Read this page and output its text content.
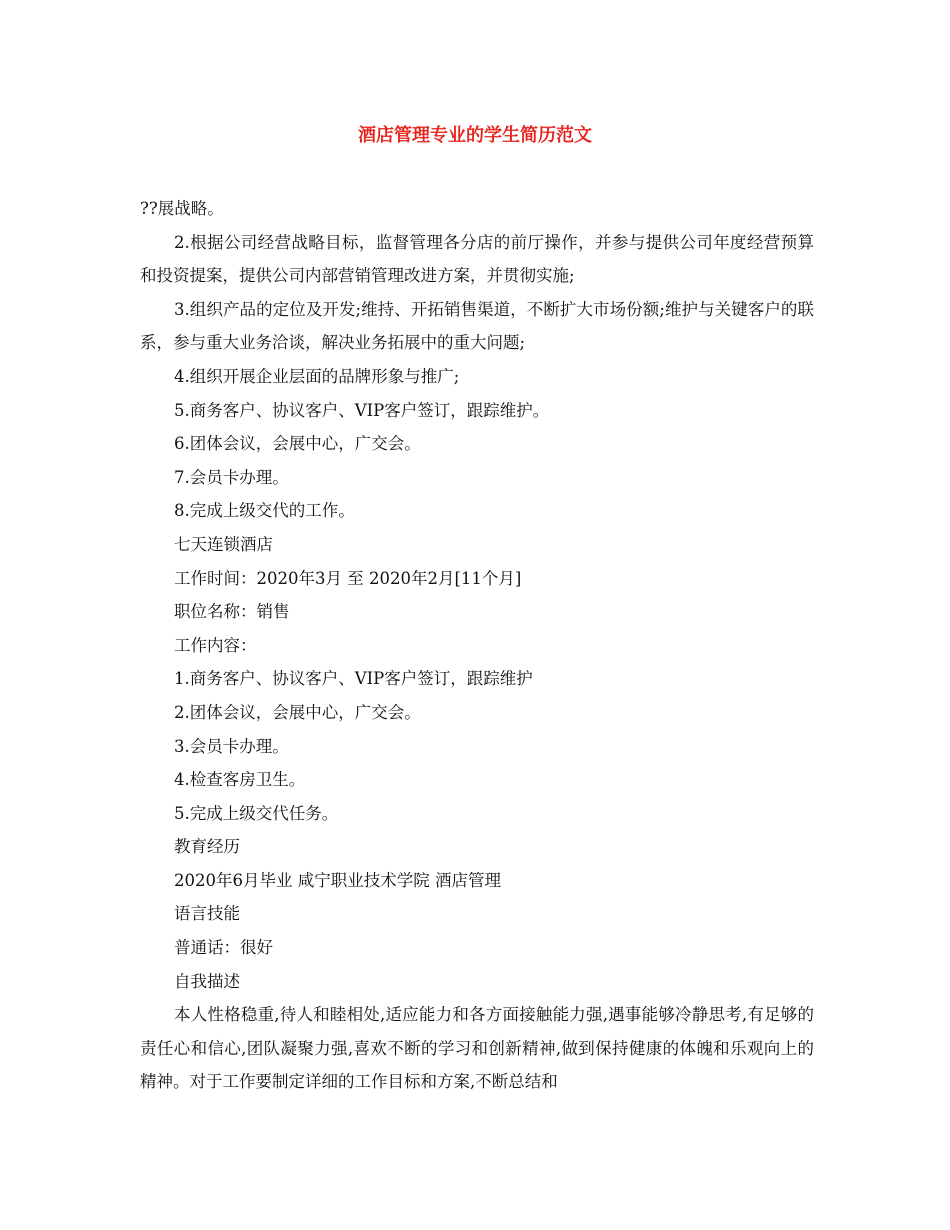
酒店管理专业的学生简历范文

??展战略。

2.根据公司经营战略目标，监督管理各分店的前厅操作，并参与提供公司年度经营预算和投资提案，提供公司内部营销管理改进方案，并贯彻实施;

3.组织产品的定位及开发;维持、开拓销售渠道，不断扩大市场份额;维护与关键客户的联系，参与重大业务洽谈，解决业务拓展中的重大问题;

4.组织开展企业层面的品牌形象与推广;

5.商务客户、协议客户、VIP客户签订，跟踪维护。

6.团体会议，会展中心，广交会。

7.会员卡办理。

8.完成上级交代的工作。

七天连锁酒店

工作时间：2020年3月 至 2020年2月[11个月]

职位名称：销售

工作内容：

1.商务客户、协议客户、VIP客户签订，跟踪维护

2.团体会议，会展中心，广交会。

3.会员卡办理。

4.检查客房卫生。

5.完成上级交代任务。

教育经历

2020年6月毕业 咸宁职业技术学院 酒店管理

语言技能

普通话：很好

自我描述

本人性格稳重,待人和睦相处,适应能力和各方面接触能力强,遇事能够冷静思考,有足够的责任心和信心,团队凝聚力强,喜欢不断的学习和创新精神,做到保持健康的体魄和乐观向上的精神。对于工作要制定详细的工作目标和方案,不断总结和
